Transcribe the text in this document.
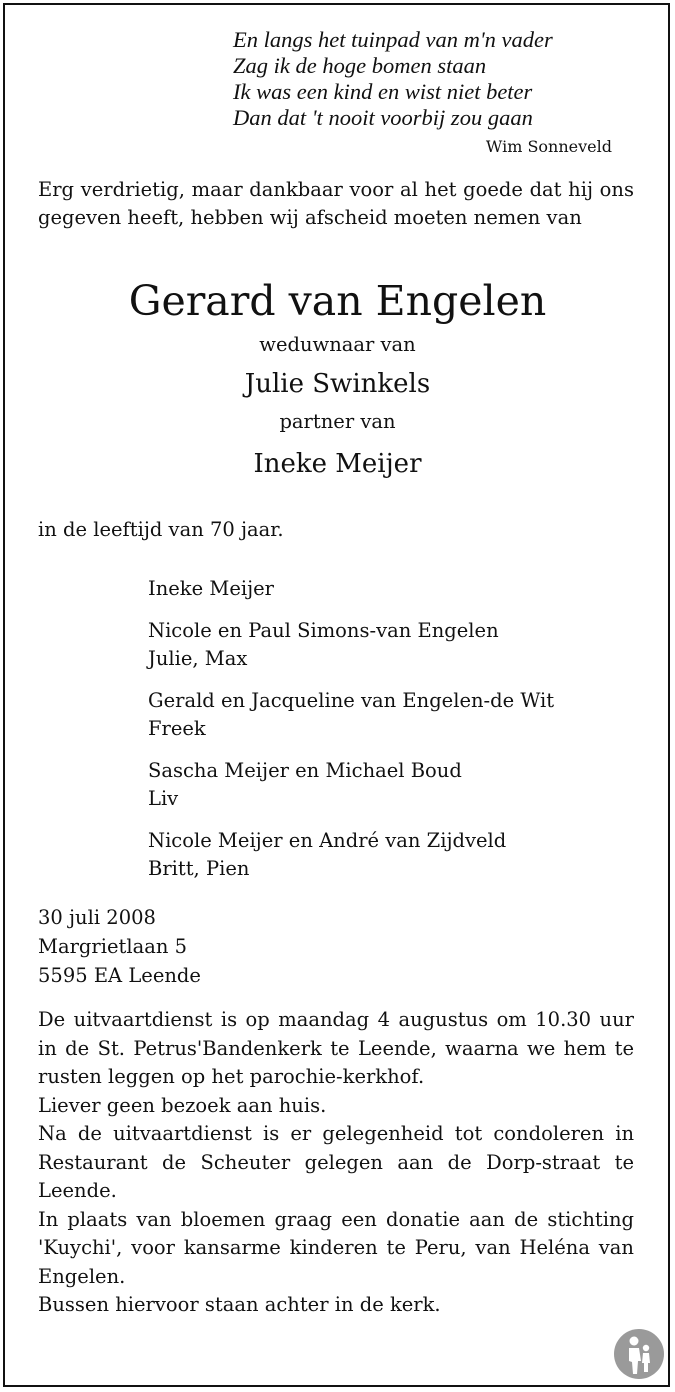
En langs het tuinpad van m'n vader
Zag ik de hoge bomen staan
Ik was een kind en wist niet beter
Dan dat 't nooit voorbij zou gaan
Wim Sonneveld
Erg verdrietig, maar dankbaar voor al het goede dat hij ons gegeven heeft, hebben wij afscheid moeten nemen van
Gerard van Engelen
weduwnaar van
Julie Swinkels
partner van
Ineke Meijer
in de leeftijd van 70 jaar.
Ineke Meijer
Nicole en Paul Simons-van Engelen
Julie, Max
Gerald en Jacqueline van Engelen-de Wit
Freek
Sascha Meijer en Michael Boud
Liv
Nicole Meijer en André van Zijdveld
Britt, Pien
30 juli 2008
Margrietlaan 5
5595 EA Leende
De uitvaartdienst is op maandag 4 augustus om 10.30 uur in de St. Petrus'Bandenkerk te Leende, waarna we hem te rusten leggen op het parochie-kerkhof.
Liever geen bezoek aan huis.
Na de uitvaartdienst is er gelegenheid tot condoleren in Restaurant de Scheuter gelegen aan de Dorp-straat te Leende.
In plaats van bloemen graag een donatie aan de stichting 'Kuychi', voor kansarme kinderen te Peru, van Heléna van Engelen.
Bussen hiervoor staan achter in de kerk.
